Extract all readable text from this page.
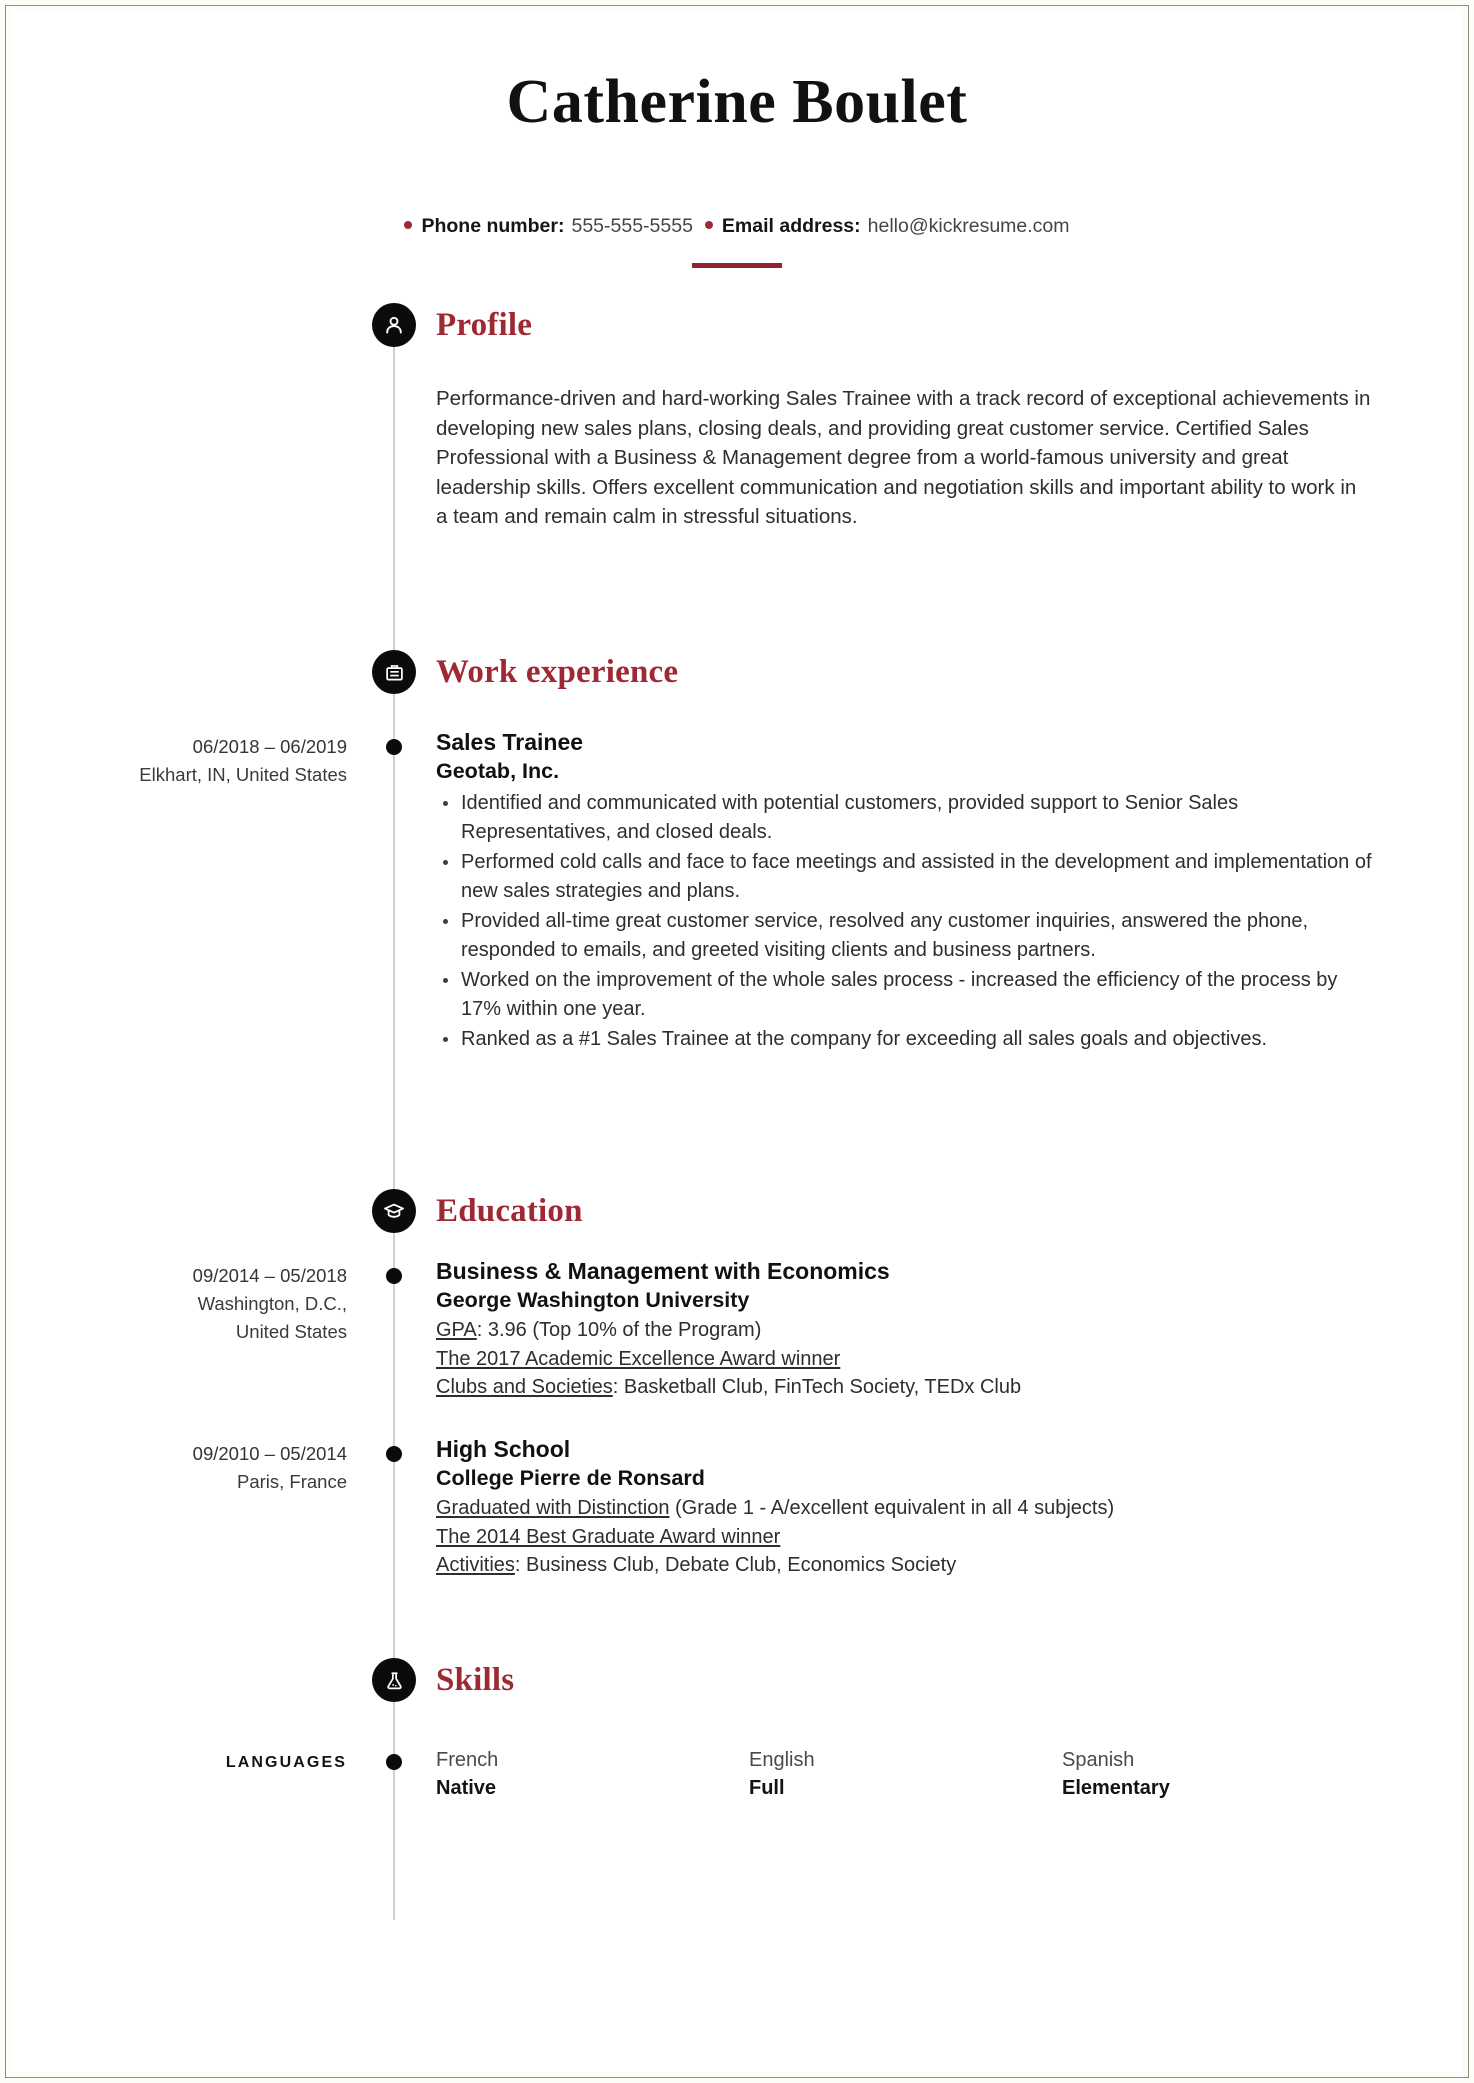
Catherine Boulet
Phone number: 555-555-5555 Email address: hello@kickresume.com
Profile
Performance-driven and hard-working Sales Trainee with a track record of exceptional achievements in developing new sales plans, closing deals, and providing great customer service. Certified Sales Professional with a Business & Management degree from a world-famous university and great leadership skills. Offers excellent communication and negotiation skills and important ability to work in a team and remain calm in stressful situations.
Work experience
06/2018 – 06/2019
Elkhart, IN, United States
Sales Trainee
Geotab, Inc.
Identified and communicated with potential customers, provided support to Senior Sales Representatives, and closed deals.
Performed cold calls and face to face meetings and assisted in the development and implementation of new sales strategies and plans.
Provided all-time great customer service, resolved any customer inquiries, answered the phone, responded to emails, and greeted visiting clients and business partners.
Worked on the improvement of the whole sales process - increased the efficiency of the process by 17% within one year.
Ranked as a #1 Sales Trainee at the company for exceeding all sales goals and objectives.
Education
09/2014 – 05/2018
Washington, D.C.,
United States
Business & Management with Economics
George Washington University
GPA: 3.96 (Top 10% of the Program)
The 2017 Academic Excellence Award winner
Clubs and Societies: Basketball Club, FinTech Society, TEDx Club
09/2010 – 05/2014
Paris, France
High School
College Pierre de Ronsard
Graduated with Distinction (Grade 1 - A/excellent equivalent in all 4 subjects)
The 2014 Best Graduate Award winner
Activities: Business Club, Debate Club, Economics Society
Skills
LANGUAGES	French
Native
English
Full
Spanish
Elementary
